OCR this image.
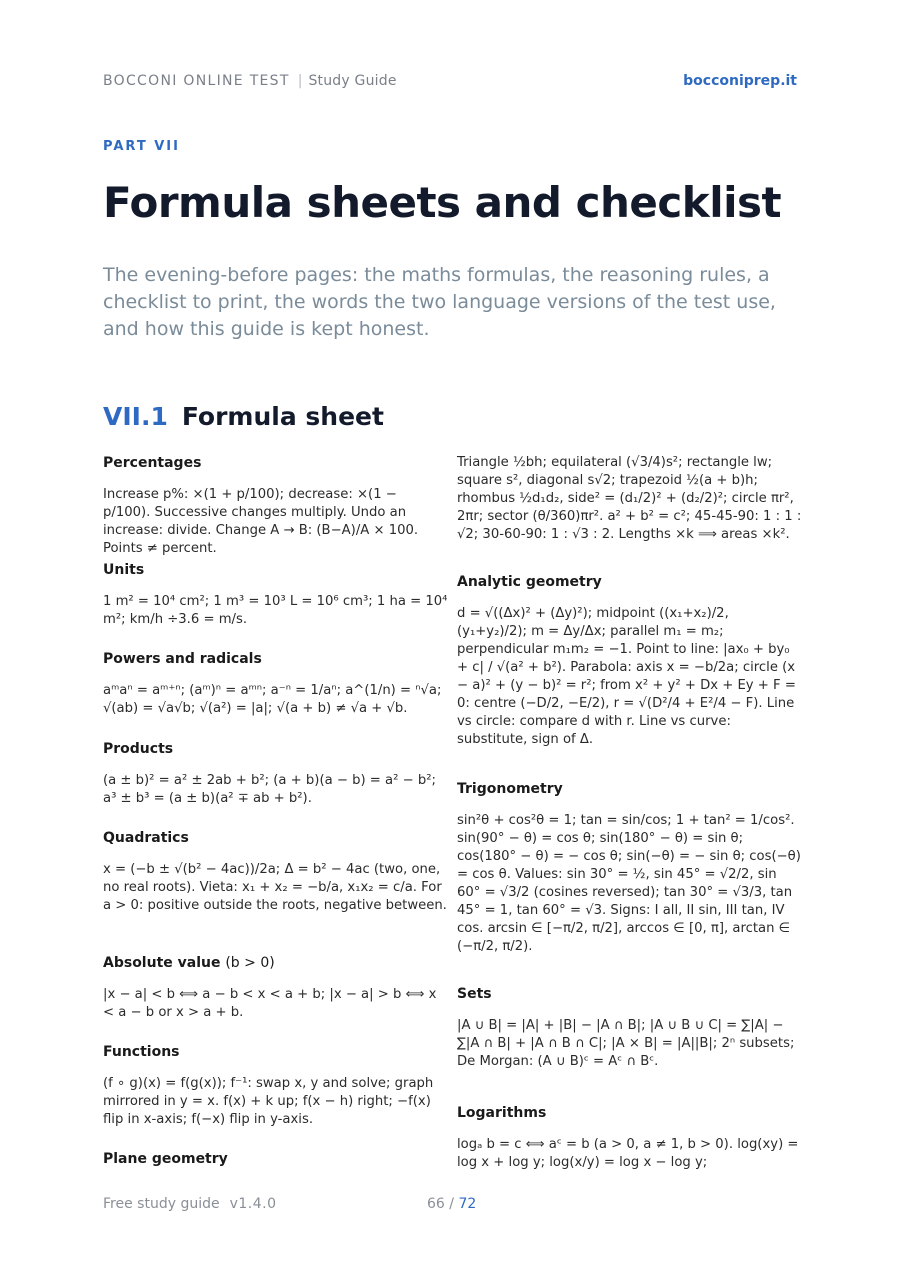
BOCCONI ONLINE TEST | Study Guide	bocconiprep.it
PART VII
Formula sheets and checklist

The evening-before pages: the maths formulas, the reasoning rules, a checklist to print, the words the two language versions of the test use, and how this guide is kept honest.

VII.1 Formula sheet
Percentages

Increase p%: ×(1 + p/100); decrease: ×(1 − p/100). Successive changes multiply. Undo an increase: divide. Change A → B: (B−A)/A × 100. Points ≠ percent.

Units

1 m² = 10⁴ cm²; 1 m³ = 10³ L = 10⁶ cm³; 1 ha = 10⁴ m²; km/h ÷3.6 = m/s.

Powers and radicals

aᵐaⁿ = aᵐ⁺ⁿ; (aᵐ)ⁿ = aᵐⁿ; a⁻ⁿ = 1/aⁿ; a^(1/n) = ⁿ√a; √(ab) = √a√b; √(a²) = |a|; √(a + b) ≠ √a + √b.

Products

(a ± b)² = a² ± 2ab + b²; (a + b)(a − b) = a² − b²; a³ ± b³ = (a ± b)(a² ∓ ab + b²).

Quadratics

x = (−b ± √(b² − 4ac))/2a; Δ = b² − 4ac (two, one, no real roots). Vieta: x₁ + x₂ = −b/a, x₁x₂ = c/a. For a > 0: positive outside the roots, negative between.

Absolute value (b > 0)

|x − a| < b ⟺ a − b < x < a + b; |x − a| > b ⟺ x < a − b or x > a + b.

Functions

(f ∘ g)(x) = f(g(x)); f⁻¹: swap x, y and solve; graph mirrored in y = x. f(x) + k up; f(x − h) right; −f(x) flip in x-axis; f(−x) flip in y-axis.

Plane geometry

Triangle ½bh; equilateral (√3/4)s²; rectangle lw; square s², diagonal s√2; trapezoid ½(a + b)h; rhombus ½d₁d₂, side² = (d₁/2)² + (d₂/2)²; circle πr², 2πr; sector (θ/360)πr². a² + b² = c²; 45-45-90: 1 : 1 : √2; 30-60-90: 1 : √3 : 2. Lengths ×k ⟹ areas ×k².

Analytic geometry

d = √((Δx)² + (Δy)²); midpoint ((x₁+x₂)/2, (y₁+y₂)/2); m = Δy/Δx; parallel m₁ = m₂; perpendicular m₁m₂ = −1. Point to line: |ax₀ + by₀ + c| / √(a² + b²). Parabola: axis x = −b/2a; circle (x − a)² + (y − b)² = r²; from x² + y² + Dx + Ey + F = 0: centre (−D/2, −E/2), r = √(D²/4 + E²/4 − F). Line vs circle: compare d with r. Line vs curve: substitute, sign of Δ.

Trigonometry

sin²θ + cos²θ = 1; tan = sin/cos; 1 + tan² = 1/cos². sin(90° − θ) = cos θ; sin(180° − θ) = sin θ; cos(180° − θ) = − cos θ; sin(−θ) = − sin θ; cos(−θ) = cos θ. Values: sin 30° = ½, sin 45° = √2/2, sin 60° = √3/2 (cosines reversed); tan 30° = √3/3, tan 45° = 1, tan 60° = √3. Signs: I all, II sin, III tan, IV cos. arcsin ∈ [−π/2, π/2], arccos ∈ [0, π], arctan ∈ (−π/2, π/2).

Sets

|A ∪ B| = |A| + |B| − |A ∩ B|; |A ∪ B ∪ C| = ∑|A| − ∑|A ∩ B| + |A ∩ B ∩ C|; |A × B| = |A||B|; 2ⁿ subsets; De Morgan: (A ∪ B)ᶜ = Aᶜ ∩ Bᶜ.

Logarithms

logₐ b = c ⟺ aᶜ = b (a > 0, a ≠ 1, b > 0). log(xy) = log x + log y; log(x/y) = log x − log y;

Free study guide v1.4.0	66 / 72
